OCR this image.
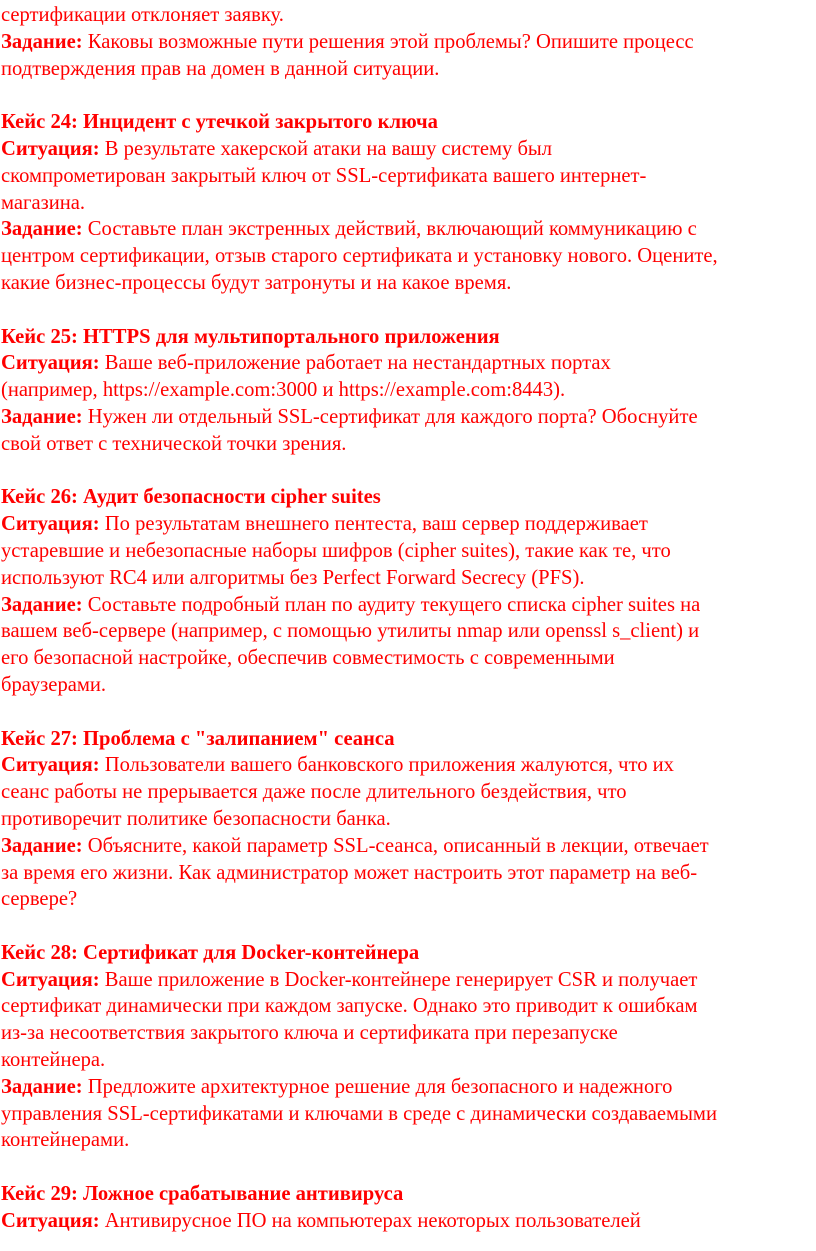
сертификации отклоняет заявку.
Задание: Каковы возможные пути решения этой проблемы? Опишите процесс
подтверждения прав на домен в данной ситуации.
Кейс 24: Инцидент с утечкой закрытого ключа
Ситуация: В результате хакерской атаки на вашу систему был
скомпрометирован закрытый ключ от SSL-сертификата вашего интернет-
магазина.
Задание: Составьте план экстренных действий, включающий коммуникацию с
центром сертификации, отзыв старого сертификата и установку нового. Оцените,
какие бизнес-процессы будут затронуты и на какое время.
Кейс 25: HTTPS для мультипортального приложения
Ситуация: Ваше веб-приложение работает на нестандартных портах
(например, https://example.com:3000 и https://example.com:8443).
Задание: Нужен ли отдельный SSL-сертификат для каждого порта? Обоснуйте
свой ответ с технической точки зрения.
Кейс 26: Аудит безопасности cipher suites
Ситуация: По результатам внешнего пентеста, ваш сервер поддерживает
устаревшие и небезопасные наборы шифров (cipher suites), такие как те, что
используют RC4 или алгоритмы без Perfect Forward Secrecy (PFS).
Задание: Составьте подробный план по аудиту текущего списка cipher suites на
вашем веб-сервере (например, с помощью утилиты nmap или openssl s_client) и
его безопасной настройке, обеспечив совместимость с современными
браузерами.
Кейс 27: Проблема с "залипанием" сеанса
Ситуация: Пользователи вашего банковского приложения жалуются, что их
сеанс работы не прерывается даже после длительного бездействия, что
противоречит политике безопасности банка.
Задание: Объясните, какой параметр SSL-сеанса, описанный в лекции, отвечает
за время его жизни. Как администратор может настроить этот параметр на веб-
сервере?
Кейс 28: Сертификат для Docker-контейнера
Ситуация: Ваше приложение в Docker-контейнере генерирует CSR и получает
сертификат динамически при каждом запуске. Однако это приводит к ошибкам
из-за несоответствия закрытого ключа и сертификата при перезапуске
контейнера.
Задание: Предложите архитектурное решение для безопасного и надежного
управления SSL-сертификатами и ключами в среде с динамически создаваемыми
контейнерами.
Кейс 29: Ложное срабатывание антивируса
Ситуация: Антивирусное ПО на компьютерах некоторых пользователей
